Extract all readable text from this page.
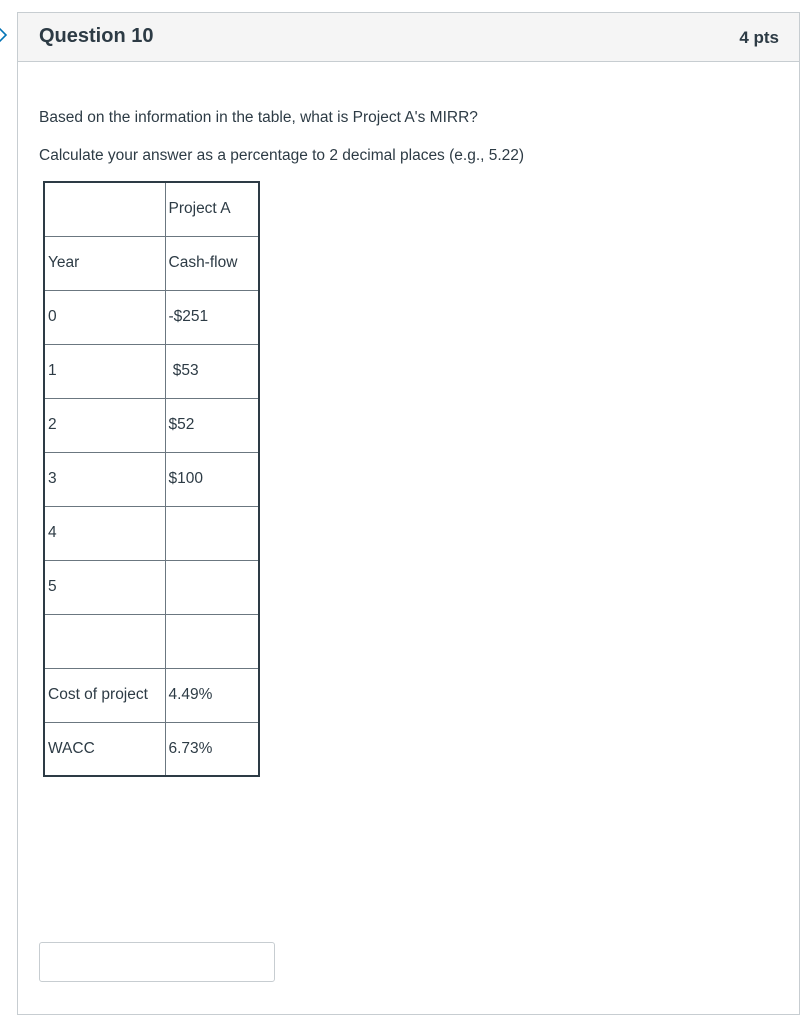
Question 10	4 pts

Based on the information in the table, what is Project A's MIRR?

Calculate your answer as a percentage to 2 decimal places (e.g., 5.22)

	Project A
Year	Cash-flow
0	-$251
1	$53
2	$52
3	$100
4	
5	

Cost of project	4.49%
WACC	6.73%
